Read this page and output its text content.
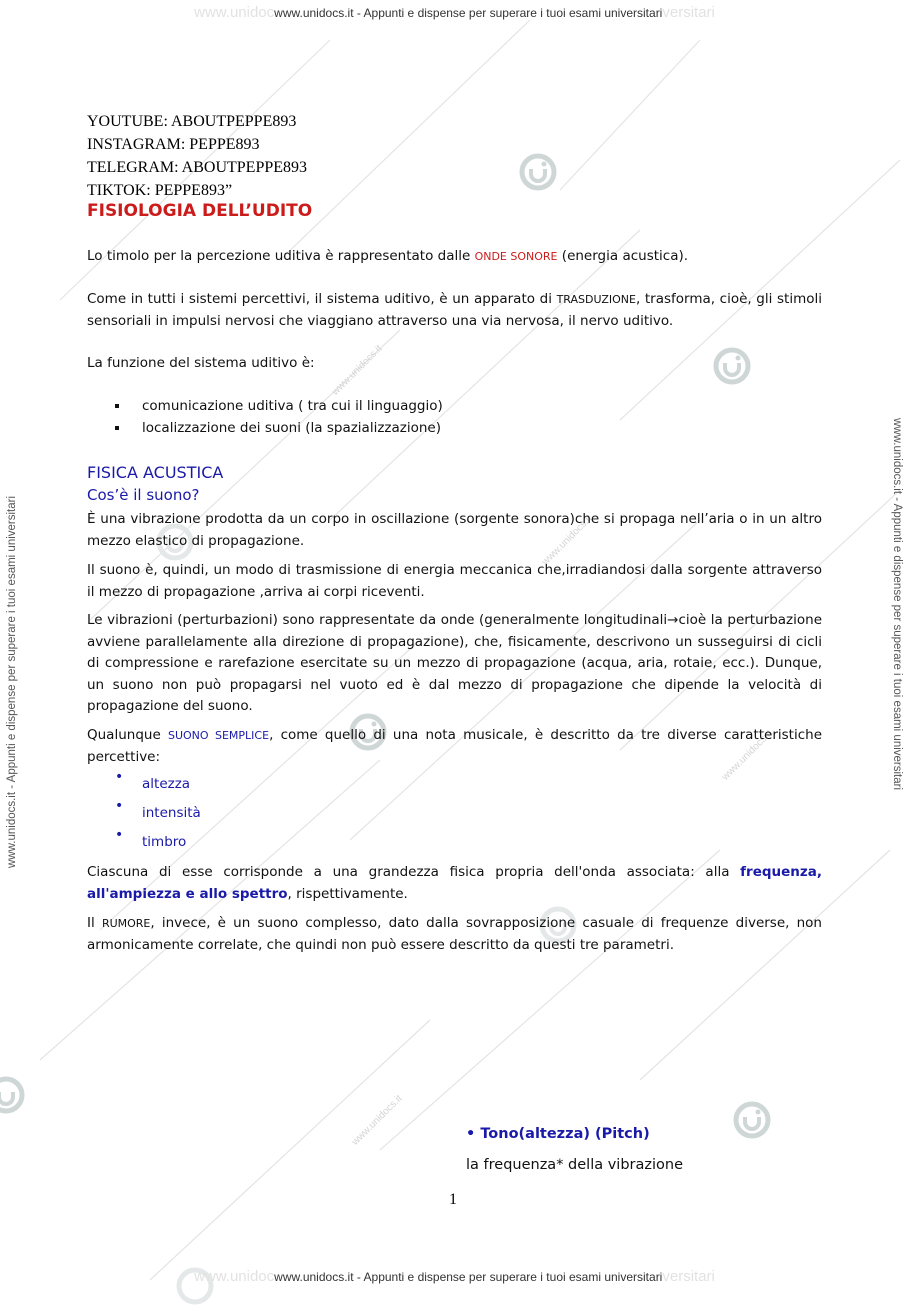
www.unidocs.it
www.unidocs.it
www.unidocs.it
www.unidocs.it
www.unidocwww.unidocs.it - Appunti e dispense per superare i tuoi esami universitariversitari
www.unidocwww.unidocs.it - Appunti e dispense per superare i tuoi esami universitariversitari
www.unidocs.it - Appunti e dispense per superare i tuoi esami universitari	www.unidocs.it - Appunti e dispense per superare i tuoi esami universitari
YOUTUBE: ABOUTPEPPE893
INSTAGRAM: PEPPE893
TELEGRAM: ABOUTPEPPE893
TIKTOK: PEPPE893”
FISIOLOGIA DELL’UDITO
Lo timolo per la percezione uditiva è rappresentato dalle ONDE SONORE (energia acustica).
Come in tutti i sistemi percettivi, il sistema uditivo, è un apparato di TRASDUZIONE, trasforma, cioè, gli stimoli sensoriali in impulsi nervosi che viaggiano attraverso una via nervosa, il nervo uditivo.
La funzione del sistema uditivo è:
comunicazione uditiva ( tra cui il linguaggio)
localizzazione dei suoni (la spazializzazione)
FISICA ACUSTICA
Cos’è il suono?
È una vibrazione prodotta da un corpo in oscillazione (sorgente sonora)che si propaga nell’aria o in un altro mezzo elastico di propagazione.
Il suono è, quindi, un modo di trasmissione di energia meccanica che,irradiandosi dalla sorgente attraverso il mezzo di propagazione ,arriva ai corpi riceventi.
Le vibrazioni (perturbazioni) sono rappresentate da onde (generalmente longitudinali→cioè la perturbazione avviene parallelamente alla direzione di propagazione), che, fisicamente, descrivono un susseguirsi di cicli di compressione e rarefazione esercitate su un mezzo di propagazione (acqua, aria, rotaie, ecc.). Dunque, un suono non può propagarsi nel vuoto ed è dal mezzo di propagazione che dipende la velocità di propagazione del suono.
Qualunque SUONO SEMPLICE, come quello di una nota musicale, è descritto da tre diverse caratteristiche percettive:
• altezza
• intensità
• timbro
Ciascuna di esse corrisponde a una grandezza fisica propria dell'onda associata: alla frequenza, all'ampiezza e allo spettro, rispettivamente.
Il RUMORE, invece, è un suono complesso, dato dalla sovrapposizione casuale di frequenze diverse, non armonicamente correlate, che quindi non può essere descritto da questi tre parametri.
• Tono(altezza) (Pitch)
la frequenza* della vibrazione
1
